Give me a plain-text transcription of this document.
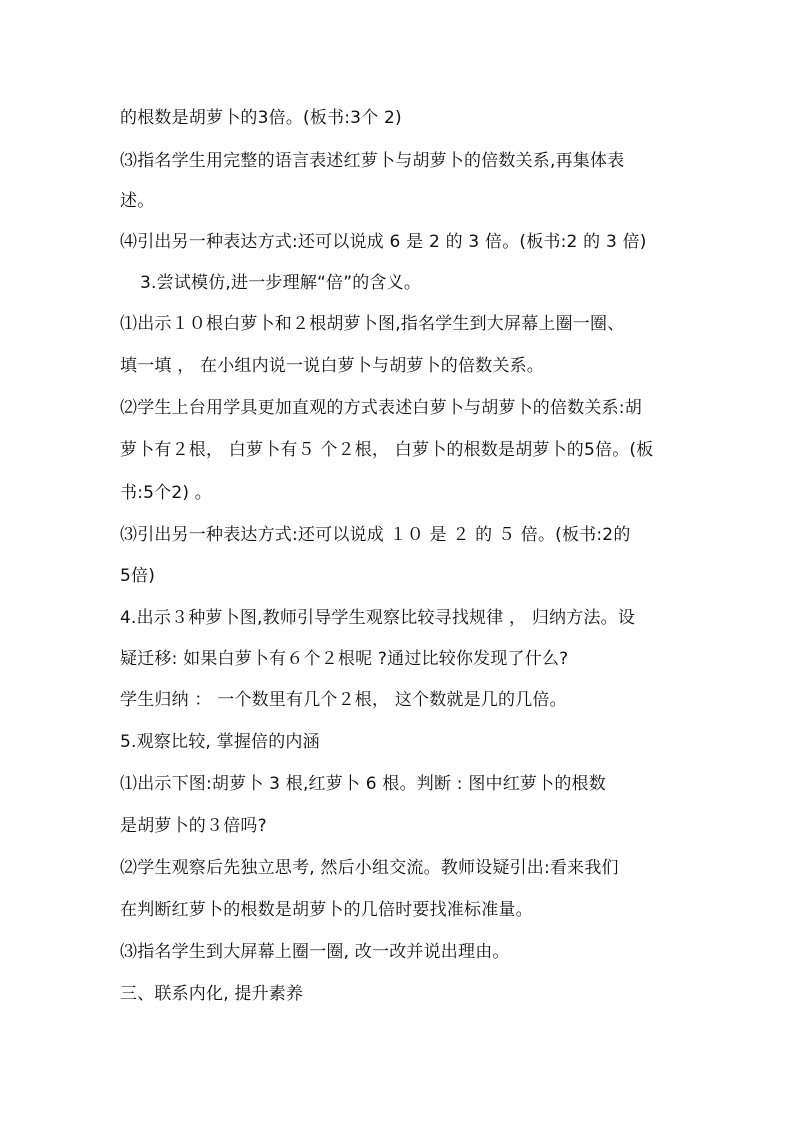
的根数是胡萝卜的3倍。(板书:3个 2)
⑶指名学生用完整的语言表述红萝卜与胡萝卜的倍数关系,再集体表
述。
⑷引出另一种表达方式:还可以说成 6 是 2 的 3 倍。(板书:2 的 3 倍)
3.尝试模仿,进一步理解“倍”的含义。
⑴出示１０根白萝卜和２根胡萝卜图,指名学生到大屏幕上圈一圈、
填一填 ， 在小组内说一说白萝卜与胡萝卜的倍数关系。
⑵学生上台用学具更加直观的方式表述白萝卜与胡萝卜的倍数关系:胡
萝卜有２根， 白萝卜有５ 个２根， 白萝卜的根数是胡萝卜的5倍。(板
书:5个2) 。
⑶引出另一种表达方式:还可以说成 １０ 是 ２ 的 ５ 倍。(板书:2的
5倍)
4.出示３种萝卜图,教师引导学生观察比较寻找规律 ， 归纳方法。设
疑迁移: 如果白萝卜有６个２根呢 ?通过比较你发现了什么?
学生归纳 ： 一个数里有几个２根， 这个数就是几的几倍。
5.观察比较, 掌握倍的内涵
⑴出示下图:胡萝卜 3 根,红萝卜 6 根。判断 : 图中红萝卜的根数
是胡萝卜的３倍吗?
⑵学生观察后先独立思考, 然后小组交流。教师设疑引出:看来我们
在判断红萝卜的根数是胡萝卜的几倍时要找准标准量。
⑶指名学生到大屏幕上圈一圈, 改一改并说出理由。
三、联系内化, 提升素养
